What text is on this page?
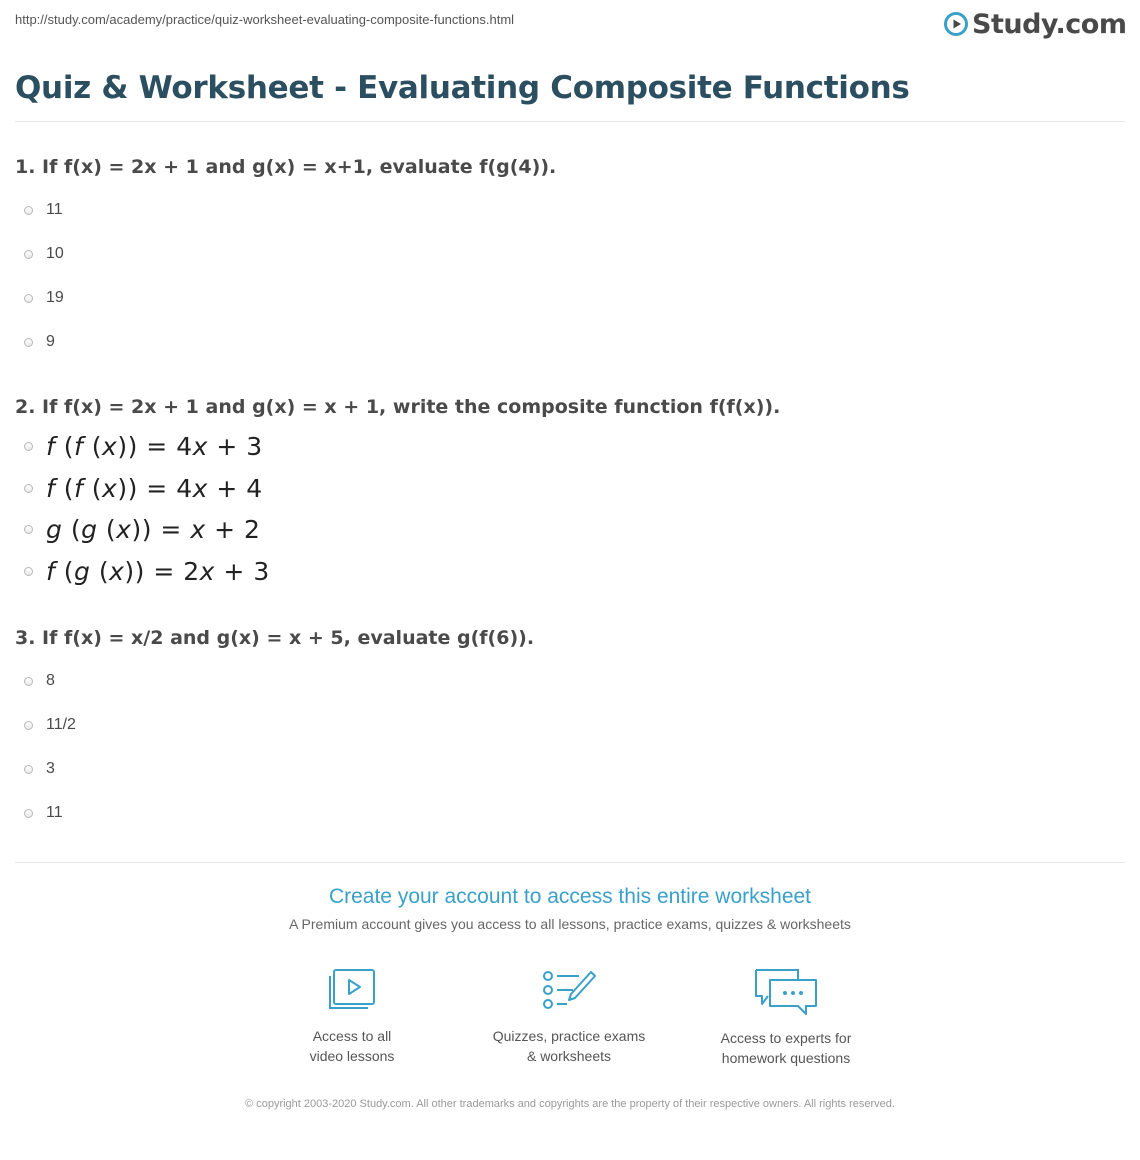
http://study.com/academy/practice/quiz-worksheet-evaluating-composite-functions.html	Study.com
Quiz & Worksheet - Evaluating Composite Functions

1. If f(x) = 2x + 1 and g(x) = x+1, evaluate f(g(4)).

11
10
19
9

2. If f(x) = 2x + 1 and g(x) = x + 1, write the composite function f(f(x)).

f (f (x)) = 4x + 3
f (f (x)) = 4x + 4
g (g (x)) = x + 2
f (g (x)) = 2x + 3

3. If f(x) = x/2 and g(x) = x + 5, evaluate g(f(6)).

8
11/2
3
11
Create your account to access this entire worksheet
A Premium account gives you access to all lessons, practice exams, quizzes & worksheets
Access to all
video lessons
Quizzes, practice exams
& worksheets
Access to experts for
homework questions
© copyright 2003-2020 Study.com. All other trademarks and copyrights are the property of their respective owners. All rights reserved.
